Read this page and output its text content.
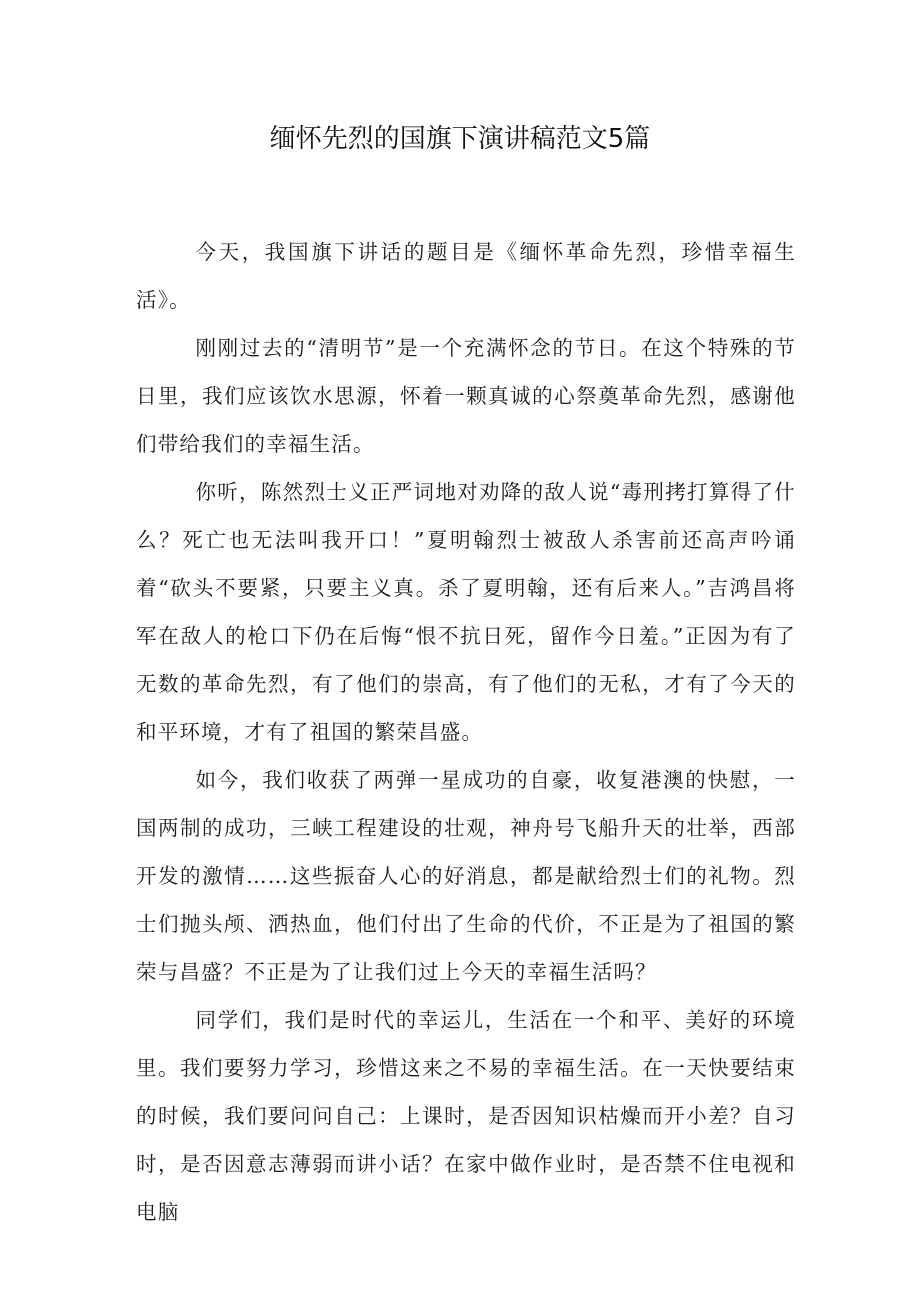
缅怀先烈的国旗下演讲稿范文5篇

今天，我国旗下讲话的题目是《缅怀革命先烈，珍惜幸福生活》。

刚刚过去的“清明节”是一个充满怀念的节日。在这个特殊的节日里，我们应该饮水思源，怀着一颗真诚的心祭奠革命先烈，感谢他们带给我们的幸福生活。

你听，陈然烈士义正严词地对劝降的敌人说“毒刑拷打算得了什么？死亡也无法叫我开口！”夏明翰烈士被敌人杀害前还高声吟诵着“砍头不要紧，只要主义真。杀了夏明翰，还有后来人。”吉鸿昌将军在敌人的枪口下仍在后悔“恨不抗日死，留作今日羞。”正因为有了无数的革命先烈，有了他们的崇高，有了他们的无私，才有了今天的和平环境，才有了祖国的繁荣昌盛。

如今，我们收获了两弹一星成功的自豪，收复港澳的快慰，一国两制的成功，三峡工程建设的壮观，神舟号飞船升天的壮举，西部开发的激情……这些振奋人心的好消息，都是献给烈士们的礼物。烈士们抛头颅、洒热血，他们付出了生命的代价，不正是为了祖国的繁荣与昌盛？不正是为了让我们过上今天的幸福生活吗？

同学们，我们是时代的幸运儿，生活在一个和平、美好的环境里。我们要努力学习，珍惜这来之不易的幸福生活。在一天快要结束的时候，我们要问问自己：上课时，是否因知识枯燥而开小差？自习时，是否因意志薄弱而讲小话？在家中做作业时，是否禁不住电视和电脑
